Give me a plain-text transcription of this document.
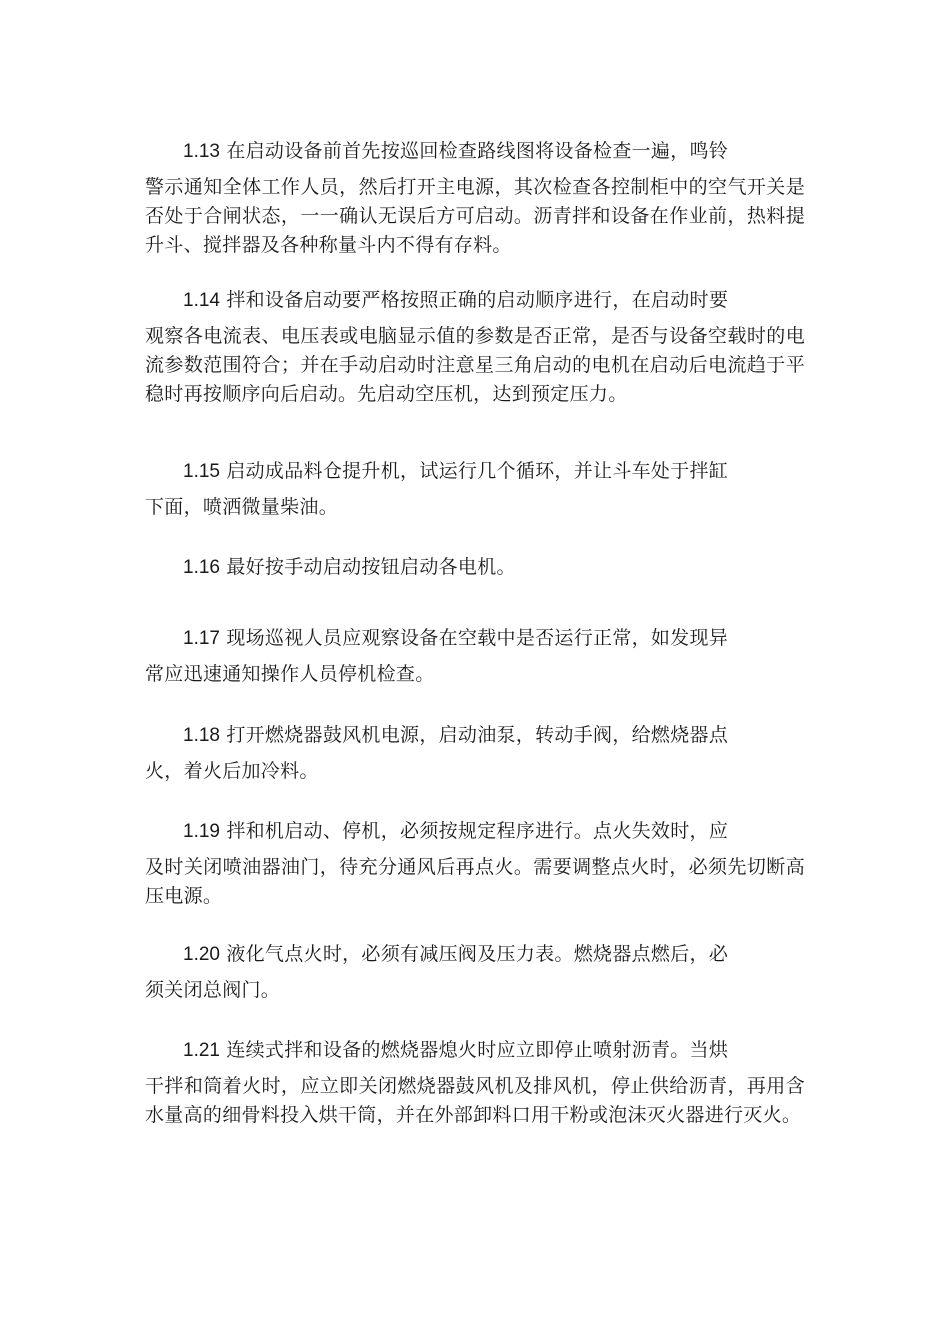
1.13 在启动设备前首先按巡回检查路线图将设备检查一遍，鸣铃
警示通知全体工作人员，然后打开主电源，其次检查各控制柜中的空气开关是否处于合闸状态，一一确认无误后方可启动。沥青拌和设备在作业前，热料提升斗、搅拌器及各种称量斗内不得有存料。

1.14 拌和设备启动要严格按照正确的启动顺序进行，在启动时要
观察各电流表、电压表或电脑显示值的参数是否正常，是否与设备空载时的电流参数范围符合；并在手动启动时注意星三角启动的电机在启动后电流趋于平稳时再按顺序向后启动。先启动空压机，达到预定压力。

1.15 启动成品料仓提升机，试运行几个循环，并让斗车处于拌缸
下面，喷洒微量柴油。

1.16 最好按手动启动按钮启动各电机。

1.17 现场巡视人员应观察设备在空载中是否运行正常，如发现异
常应迅速通知操作人员停机检查。

1.18 打开燃烧器鼓风机电源，启动油泵，转动手阀，给燃烧器点
火，着火后加冷料。

1.19 拌和机启动、停机，必须按规定程序进行。点火失效时，应
及时关闭喷油器油门，待充分通风后再点火。需要调整点火时，必须先切断高压电源。

1.20 液化气点火时，必须有减压阀及压力表。燃烧器点燃后，必
须关闭总阀门。

1.21 连续式拌和设备的燃烧器熄火时应立即停止喷射沥青。当烘
干拌和筒着火时，应立即关闭燃烧器鼓风机及排风机，停止供给沥青，再用含水量高的细骨料投入烘干筒，并在外部卸料口用干粉或泡沫灭火器进行灭火。
